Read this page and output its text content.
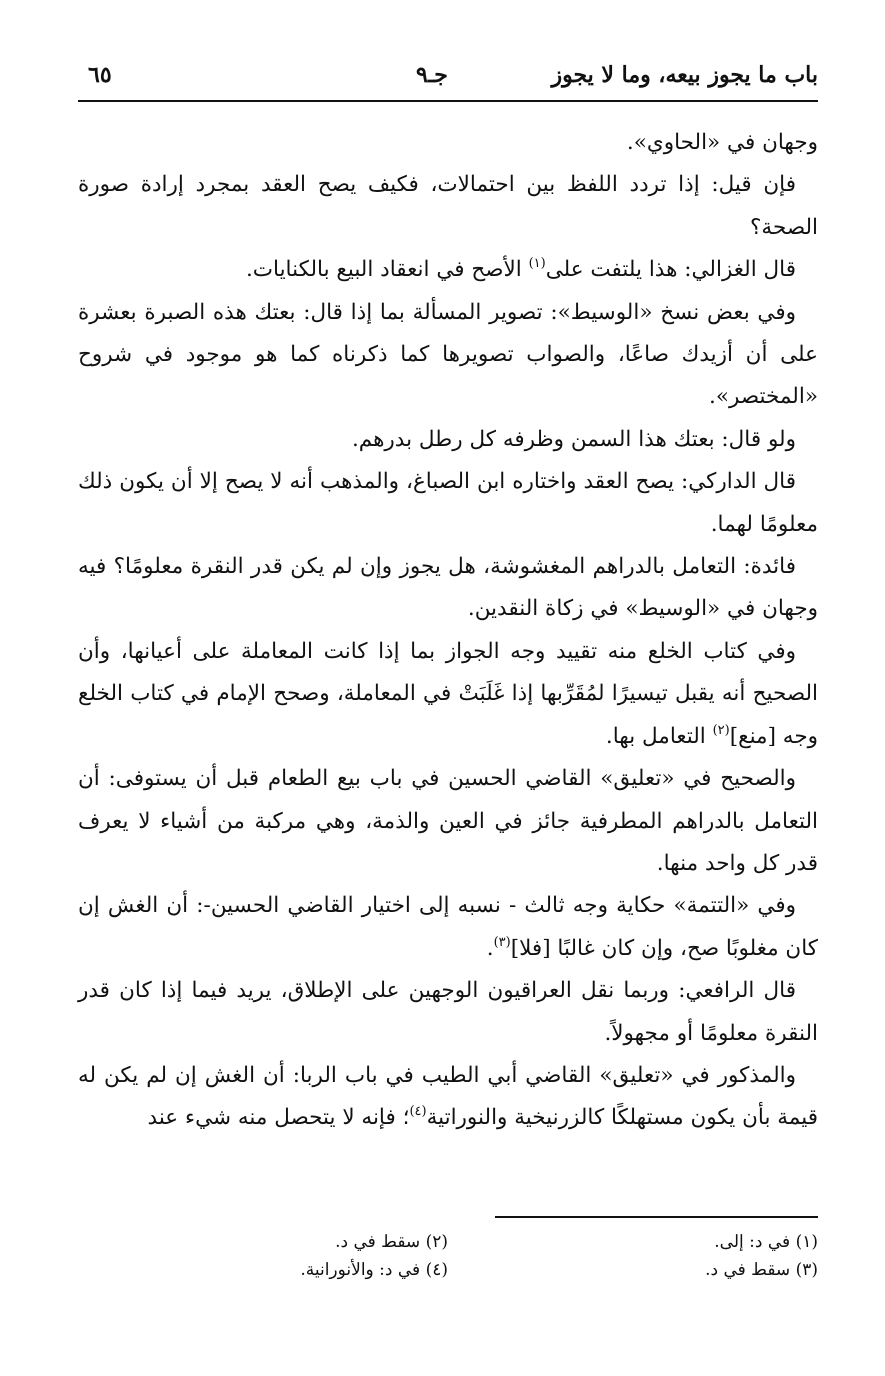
باب ما يجوز بيعه، وما لا يجوز
جـ٩
٦٥

وجهان في «الحاوي».

فإن قيل: إذا تردد اللفظ بين احتمالات، فكيف يصح العقد بمجرد إرادة صورة الصحة؟

قال الغزالي: هذا يلتفت على$^{(١)}$ الأصح في انعقاد البيع بالكنايات.

وفي بعض نسخ «الوسيط»: تصوير المسألة بما إذا قال: بعتك هذه الصبرة بعشرة على أن أزيدك صاعًا، والصواب تصويرها كما ذكرناه كما هو موجود في شروح «المختصر».

ولو قال: بعتك هذا السمن وظرفه كل رطل بدرهم.

قال الداركي: يصح العقد واختاره ابن الصباغ، والمذهب أنه لا يصح إلا أن يكون ذلك معلومًا لهما.

فائدة: التعامل بالدراهم المغشوشة، هل يجوز وإن لم يكن قدر النقرة معلومًا؟ فيه وجهان في «الوسيط» في زكاة النقدين.

وفي كتاب الخلع منه تقييد وجه الجواز بما إذا كانت المعاملة على أعيانها، وأن الصحيح أنه يقبل تيسيرًا لمُقَرِّبها إذا غَلَبَتْ في المعاملة، وصحح الإمام في كتاب الخلع وجه [منع]$^{(٢)}$ التعامل بها.

والصحيح في «تعليق» القاضي الحسين في باب بيع الطعام قبل أن يستوفى: أن التعامل بالدراهم المطرفية جائز في العين والذمة، وهي مركبة من أشياء لا يعرف قدر كل واحد منها.

وفي «التتمة» حكاية وجه ثالث - نسبه إلى اختيار القاضي الحسين-: أن الغش إن كان مغلوبًا صح، وإن كان غالبًا [فلا]$^{(٣)}$.

قال الرافعي: وربما نقل العراقيون الوجهين على الإطلاق، يريد فيما إذا كان قدر النقرة معلومًا أو مجهولاً.

والمذكور في «تعليق» القاضي أبي الطيب في باب الربا: أن الغش إن لم يكن له قيمة بأن يكون مستهلكًا كالزرنيخية والنوراتية$^{(٤)}$؛ فإنه لا يتحصل منه شيء عند

(١) في د: إلى.
(٢) سقط في د.
(٣) سقط في د.
(٤) في د: والأنورانية.
